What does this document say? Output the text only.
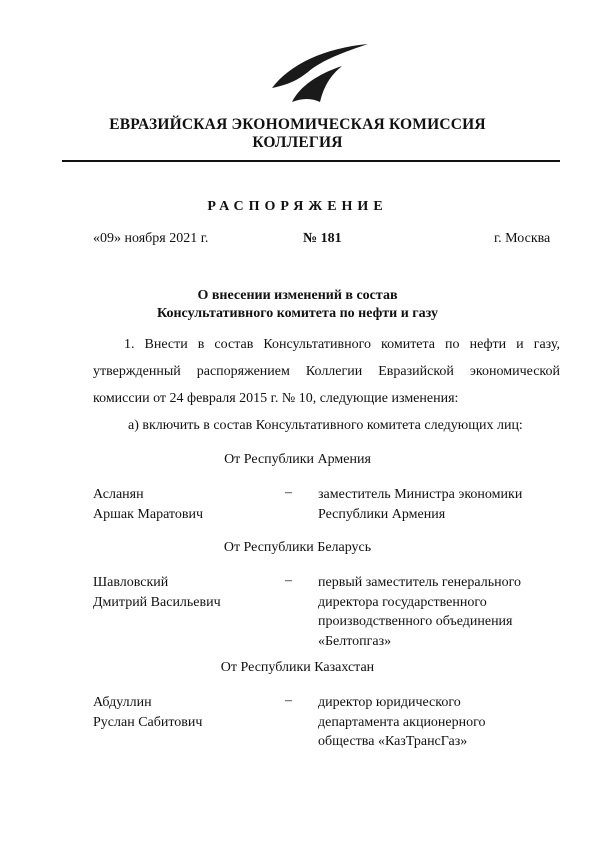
ЕВРАЗИЙСКАЯ ЭКОНОМИЧЕСКАЯ КОМИССИЯ
КОЛЛЕГИЯ
РАСПОРЯЖЕНИЕ
«09» ноября 2021 г.	№ 181	г. Москва
О внесении изменений в состав
Консультативного комитета по нефти и газу
1. Внести в состав Консультативного комитета по нефти и газу,
утвержденный распоряжением Коллегии Евразийской экономической
комиссии от 24 февраля 2015 г. № 10, следующие изменения:
а) включить в состав Консультативного комитета следующих лиц:
От Республики Армения
Асланян
Аршак Маратович
– заместитель Министра экономики
Республики Армения
От Республики Беларусь
Шавловский
Дмитрий Васильевич
– первый заместитель генерального
директора государственного
производственного объединения
«Белтопгаз»
От Республики Казахстан
Абдуллин
Руслан Сабитович
– директор юридического
департамента акционерного
общества «КазТрансГаз»
